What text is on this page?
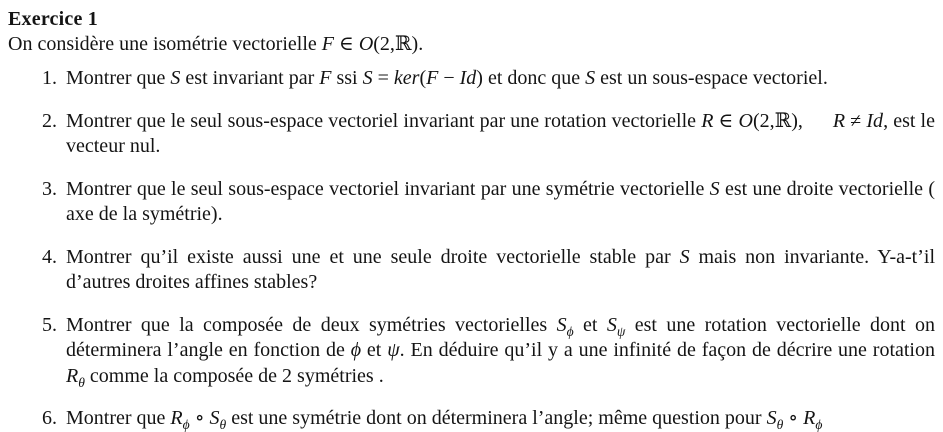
Exercice 1
On considère une isométrie vectorielle F ∈ O(2,ℝ).
1. Montrer que S est invariant par F ssi S = ker(F − Id) et donc que S est un sous-espace vectoriel.
2. Montrer que le seul sous-espace vectoriel invariant par une rotation vectorielle R ∈ O(2,ℝ),  R ≠ Id, est le vecteur nul.
3. Montrer que le seul sous-espace vectoriel invariant par une symétrie vectorielle S est une droite vectorielle ( axe de la symétrie).
4. Montrer qu’il existe aussi une et une seule droite vectorielle stable par S mais non invariante. Y-a-t’il d’autres droites affines stables?
5. Montrer que la composée de deux symétries vectorielles $S_\phi$ et $S_\psi$ est une rotation vectorielle dont on déterminera l’angle en fonction de ϕ et ψ. En déduire qu’il y a une infinité de façon de décrire une rotation $R_\theta$ comme la composée de 2 symétries .
6. Montrer que $R_\phi$ ∘ $S_\theta$ est une symétrie dont on déterminera l’angle; même question pour $S_\theta$ ∘ $R_\phi$
